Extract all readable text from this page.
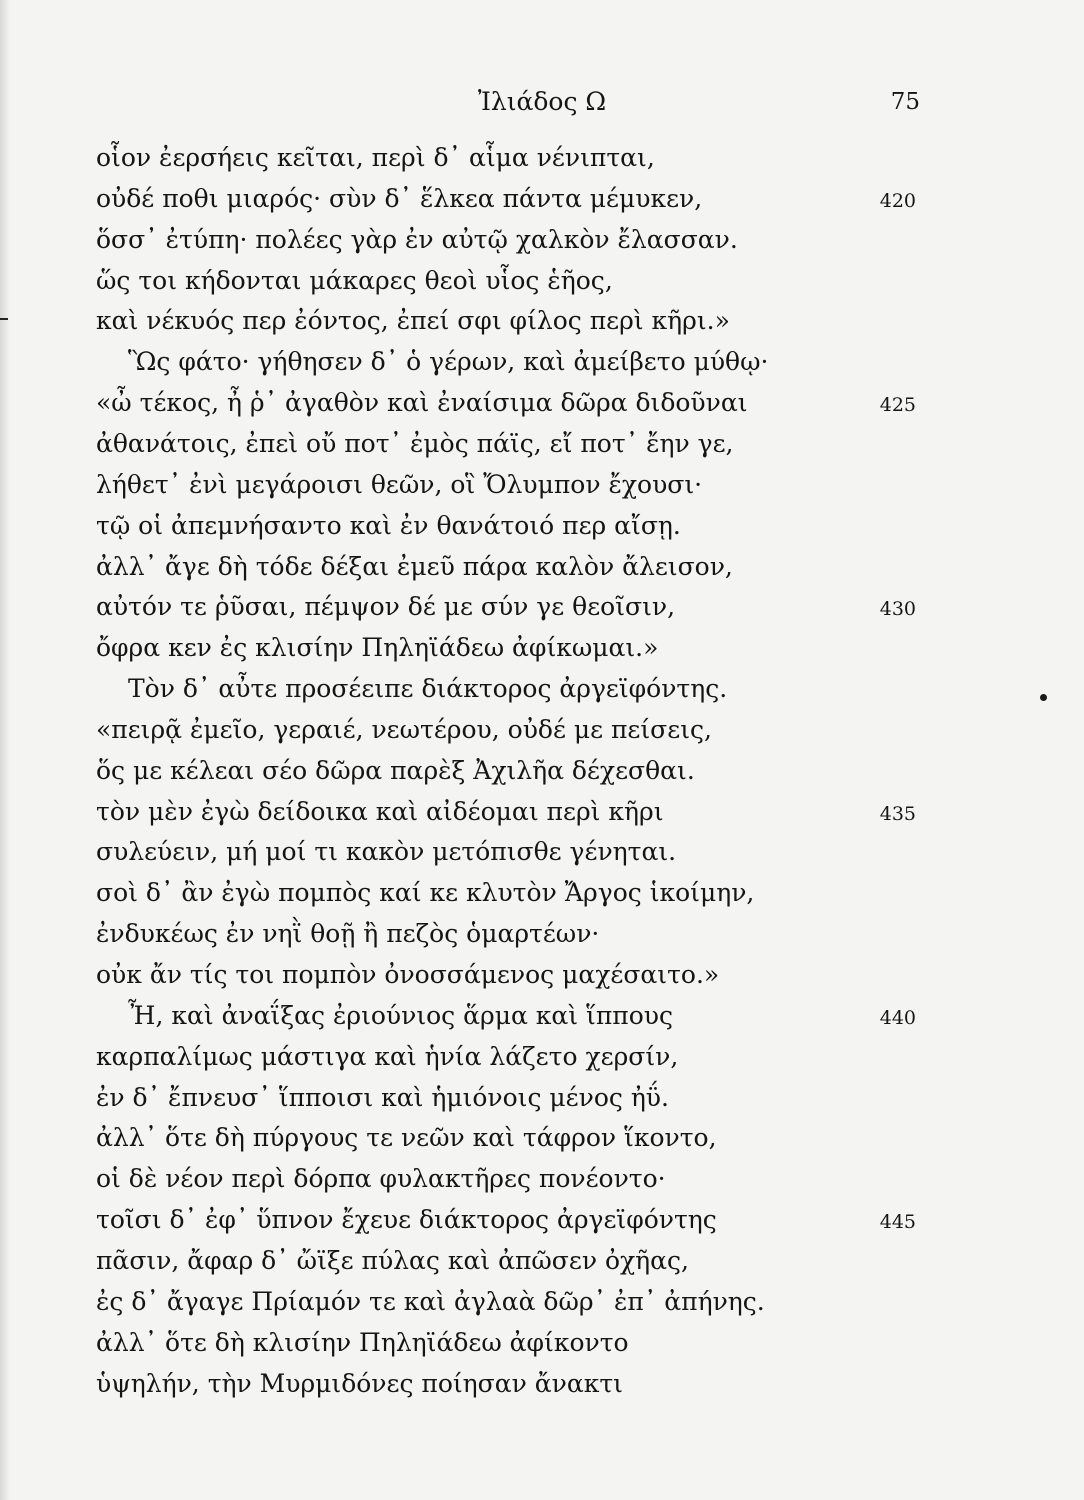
Ἰλιάδος Ω	75
οἷον ἐερσήεις κεῖται, περὶ δ᾽ αἷμα νένιπται,
οὐδέ ποθι μιαρός· σὺν δ᾽ ἕλκεα πάντα μέμυκεν,	420
ὅσσ᾽ ἐτύπη· πολέες γὰρ ἐν αὐτῷ χαλκὸν ἔλασσαν.
ὥς τοι κήδονται μάκαρες θεοὶ υἷος ἑῆος,
καὶ νέκυός περ ἐόντος, ἐπεί σφι φίλος περὶ κῆρι.»
Ὣς φάτο· γήθησεν δ᾽ ὁ γέρων, καὶ ἀμείβετο μύθῳ·
«ὦ τέκος, ἦ ῥ᾽ ἀγαθὸν καὶ ἐναίσιμα δῶρα διδοῦναι	425
ἀθανάτοις, ἐπεὶ οὔ ποτ᾽ ἐμὸς πάϊς, εἴ ποτ᾽ ἔην γε,
λήθετ᾽ ἐνὶ μεγάροισι θεῶν, οἳ Ὄλυμπον ἔχουσι·
τῷ οἱ ἀπεμνήσαντο καὶ ἐν θανάτοιό περ αἴσῃ.
ἀλλ᾽ ἄγε δὴ τόδε δέξαι ἐμεῦ πάρα καλὸν ἄλεισον,
αὐτόν τε ῥῦσαι, πέμψον δέ με σύν γε θεοῖσιν,	430
ὄφρα κεν ἐς κλισίην Πηληϊάδεω ἀφίκωμαι.»
Τὸν δ᾽ αὖτε προσέειπε διάκτορος ἀργεϊφόντης.
«πειρᾷ ἐμεῖο, γεραιέ, νεωτέρου, οὐδέ με πείσεις,
ὅς με κέλεαι σέο δῶρα παρὲξ Ἀχιλῆα δέχεσθαι.
τὸν μὲν ἐγὼ δείδοικα καὶ αἰδέομαι περὶ κῆρι	435
συλεύειν, μή μοί τι κακὸν μετόπισθε γένηται.
σοὶ δ᾽ ἂν ἐγὼ πομπὸς καί κε κλυτὸν Ἄργος ἱκοίμην,
ἐνδυκέως ἐν νηῒ θοῇ ἢ πεζὸς ὁμαρτέων·
οὐκ ἄν τίς τοι πομπὸν ὀνοσσάμενος μαχέσαιτο.»
Ἦ, καὶ ἀναΐξας ἐριούνιος ἅρμα καὶ ἵππους	440
καρπαλίμως μάστιγα καὶ ἡνία λάζετο χερσίν,
ἐν δ᾽ ἔπνευσ᾽ ἵπποισι καὶ ἡμιόνοις μένος ἠΰ.
ἀλλ᾽ ὅτε δὴ πύργους τε νεῶν καὶ τάφρον ἵκοντο,
οἱ δὲ νέον περὶ δόρπα φυλακτῆρες πονέοντο·
τοῖσι δ᾽ ἐφ᾽ ὕπνον ἔχευε διάκτορος ἀργεϊφόντης	445
πᾶσιν, ἄφαρ δ᾽ ὤϊξε πύλας καὶ ἀπῶσεν ὀχῆας,
ἐς δ᾽ ἄγαγε Πρίαμόν τε καὶ ἀγλαὰ δῶρ᾽ ἐπ᾽ ἀπήνης.
ἀλλ᾽ ὅτε δὴ κλισίην Πηληϊάδεω ἀφίκοντο
ὑψηλήν, τὴν Μυρμιδόνες ποίησαν ἄνακτι
